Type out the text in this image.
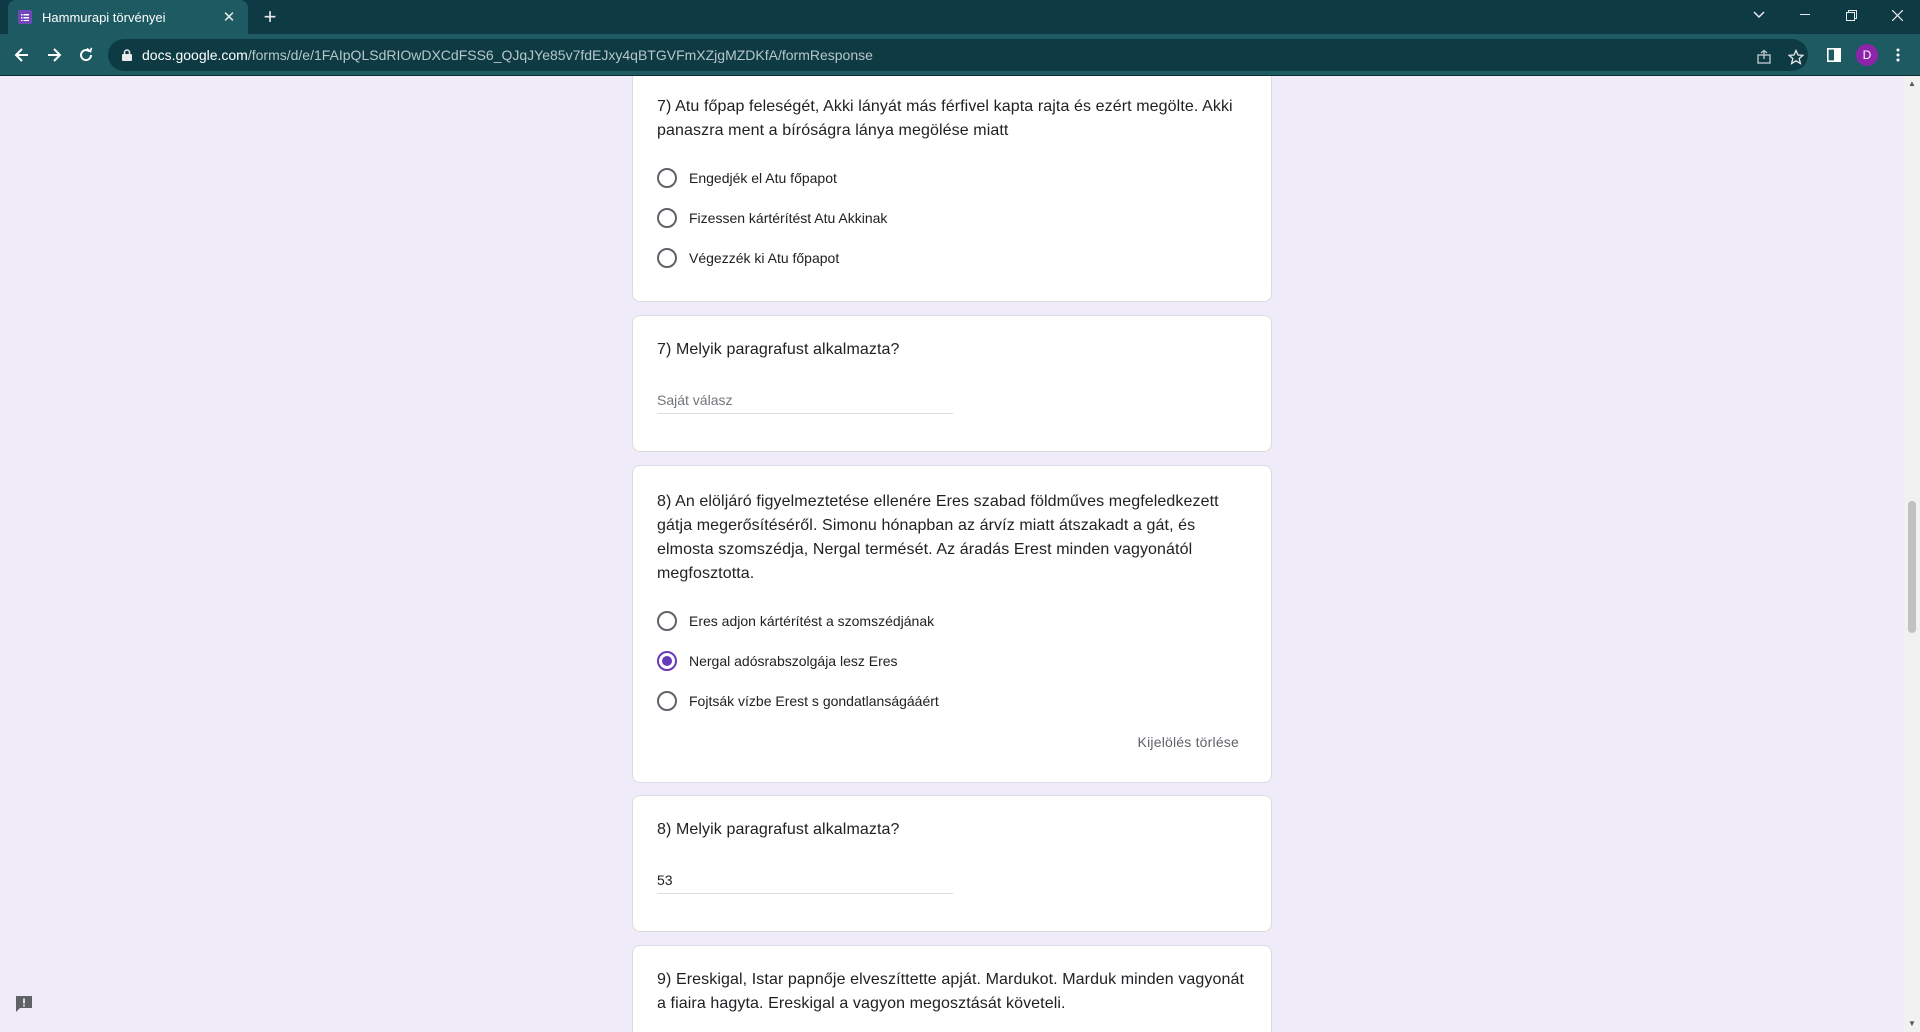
Hammurapi törvényei	✕ +
docs.google.com/forms/d/e/1FAIpQLSdRIOwDXCdFSS6_QJqJYe85v7fdEJxy4qBTGVFmXZjgMZDKfA/formResponse	D
7) Atu főpap feleségét, Akki lányát más férfivel kapta rajta és ezért megölte. Akki panaszra ment a bíróságra lánya megölése miatt
Engedjék el Atu főpapot
Fizessen kártérítést Atu Akkinak
Végezzék ki Atu főpapot
7) Melyik paragrafust alkalmazta?
Saját válasz
8) An elöljáró figyelmeztetése ellenére Eres szabad földműves megfeledkezett gátja megerősítéséről. Simonu hónapban az árvíz miatt átszakadt a gát, és elmosta szomszédja, Nergal termését. Az áradás Erest minden vagyonától megfosztotta.
Eres adjon kártérítést a szomszédjának
Nergal adósrabszolgája lesz Eres
Fojtsák vízbe Erest s gondatlanságááért
Kijelölés törlése
8) Melyik paragrafust alkalmazta?
53
9) Ereskigal, Istar papnője elveszíttette apját. Mardukot. Marduk minden vagyonát a fiaira hagyta. Ereskigal a vagyon megosztását követeli.
▲
▼
